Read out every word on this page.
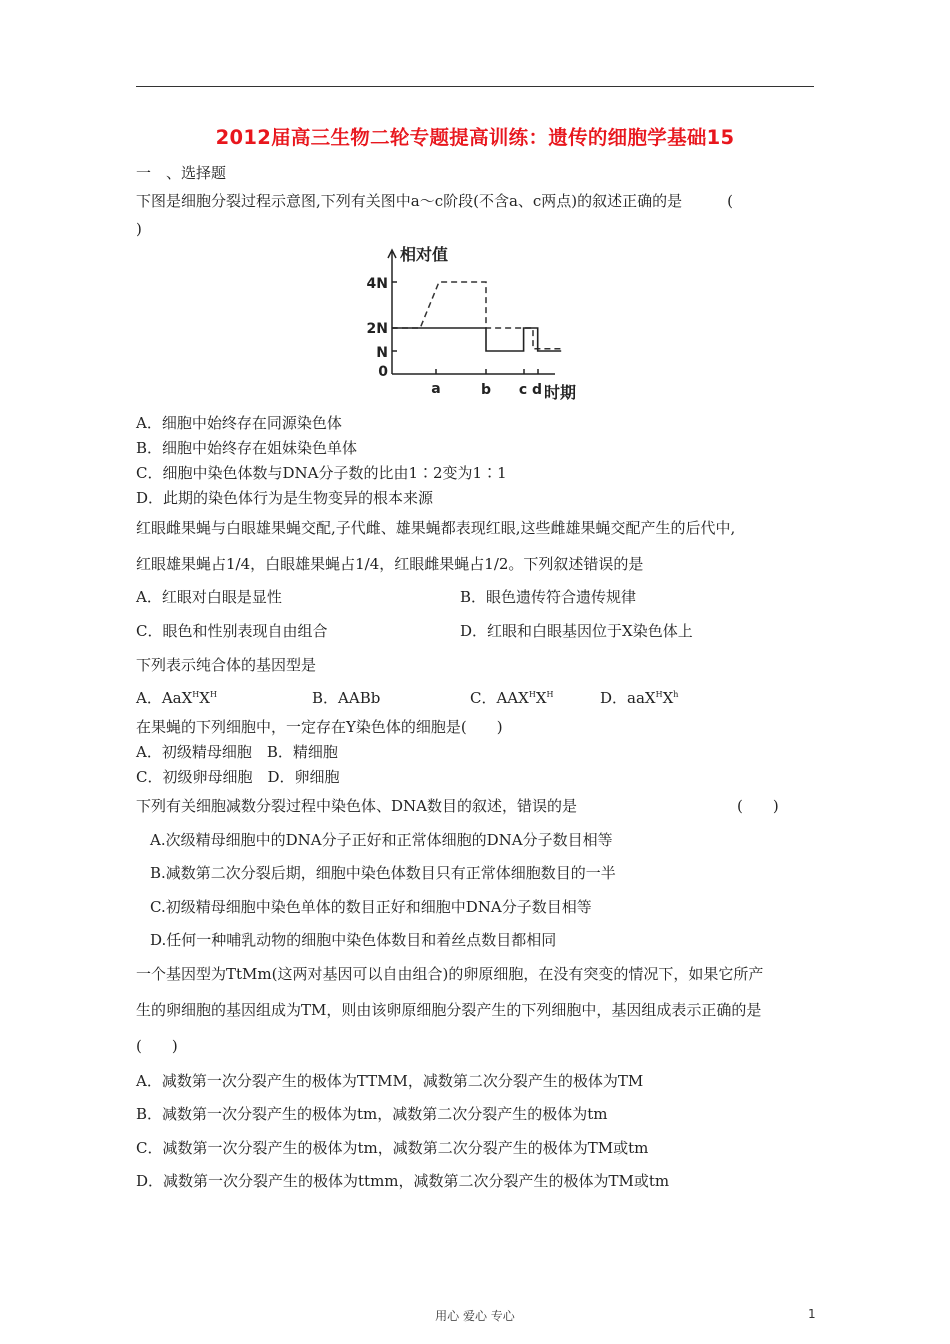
2012届高三生物二轮专题提高训练：遗传的细胞学基础15
一　、选择题
下图是细胞分裂过程示意图,下列有关图中a～c阶段(不含a、c两点)的叙述正确的是　　　(
)
相对值
时期
4N
2N
N
0
a	b c d
A．细胞中始终存在同源染色体
B．细胞中始终存在姐妹染色单体
C．细胞中染色体数与DNA分子数的比由1∶2变为1∶1
D．此期的染色体行为是生物变异的根本来源
红眼雌果蝇与白眼雄果蝇交配,子代雌、雄果蝇都表现红眼,这些雌雄果蝇交配产生的后代中,
红眼雄果蝇占1/4，白眼雄果蝇占1/4，红眼雌果蝇占1/2。下列叙述错误的是
A．红眼对白眼是显性	B．眼色遗传符合遗传规律
C．眼色和性别表现自由组合	D．红眼和白眼基因位于X染色体上
下列表示纯合体的基因型是
A．$AaX^HX^H$	B．AABb	C．$AAX^HX^H$	D．$aaX^HX^h$
在果蝇的下列细胞中，一定存在Y染色体的细胞是(　　)
A．初级精母细胞　B．精细胞
C．初级卵母细胞　D．卵细胞
下列有关细胞减数分裂过程中染色体、DNA数目的叙述，错误的是	(　　)
A.次级精母细胞中的DNA分子正好和正常体细胞的DNA分子数目相等
B.减数第二次分裂后期，细胞中染色体数目只有正常体细胞数目的一半
C.初级精母细胞中染色单体的数目正好和细胞中DNA分子数目相等
D.任何一种哺乳动物的细胞中染色体数目和着丝点数目都相同
一个基因型为TtMm(这两对基因可以自由组合)的卵原细胞，在没有突变的情况下，如果它所产
生的卵细胞的基因组成为TM，则由该卵原细胞分裂产生的下列细胞中，基因组成表示正确的是
(　　)
A．减数第一次分裂产生的极体为TTMM，减数第二次分裂产生的极体为TM
B．减数第一次分裂产生的极体为tm，减数第二次分裂产生的极体为tm
C．减数第一次分裂产生的极体为tm，减数第二次分裂产生的极体为TM或tm
D．减数第一次分裂产生的极体为ttmm，减数第二次分裂产生的极体为TM或tm
用心 爱心 专心	1
